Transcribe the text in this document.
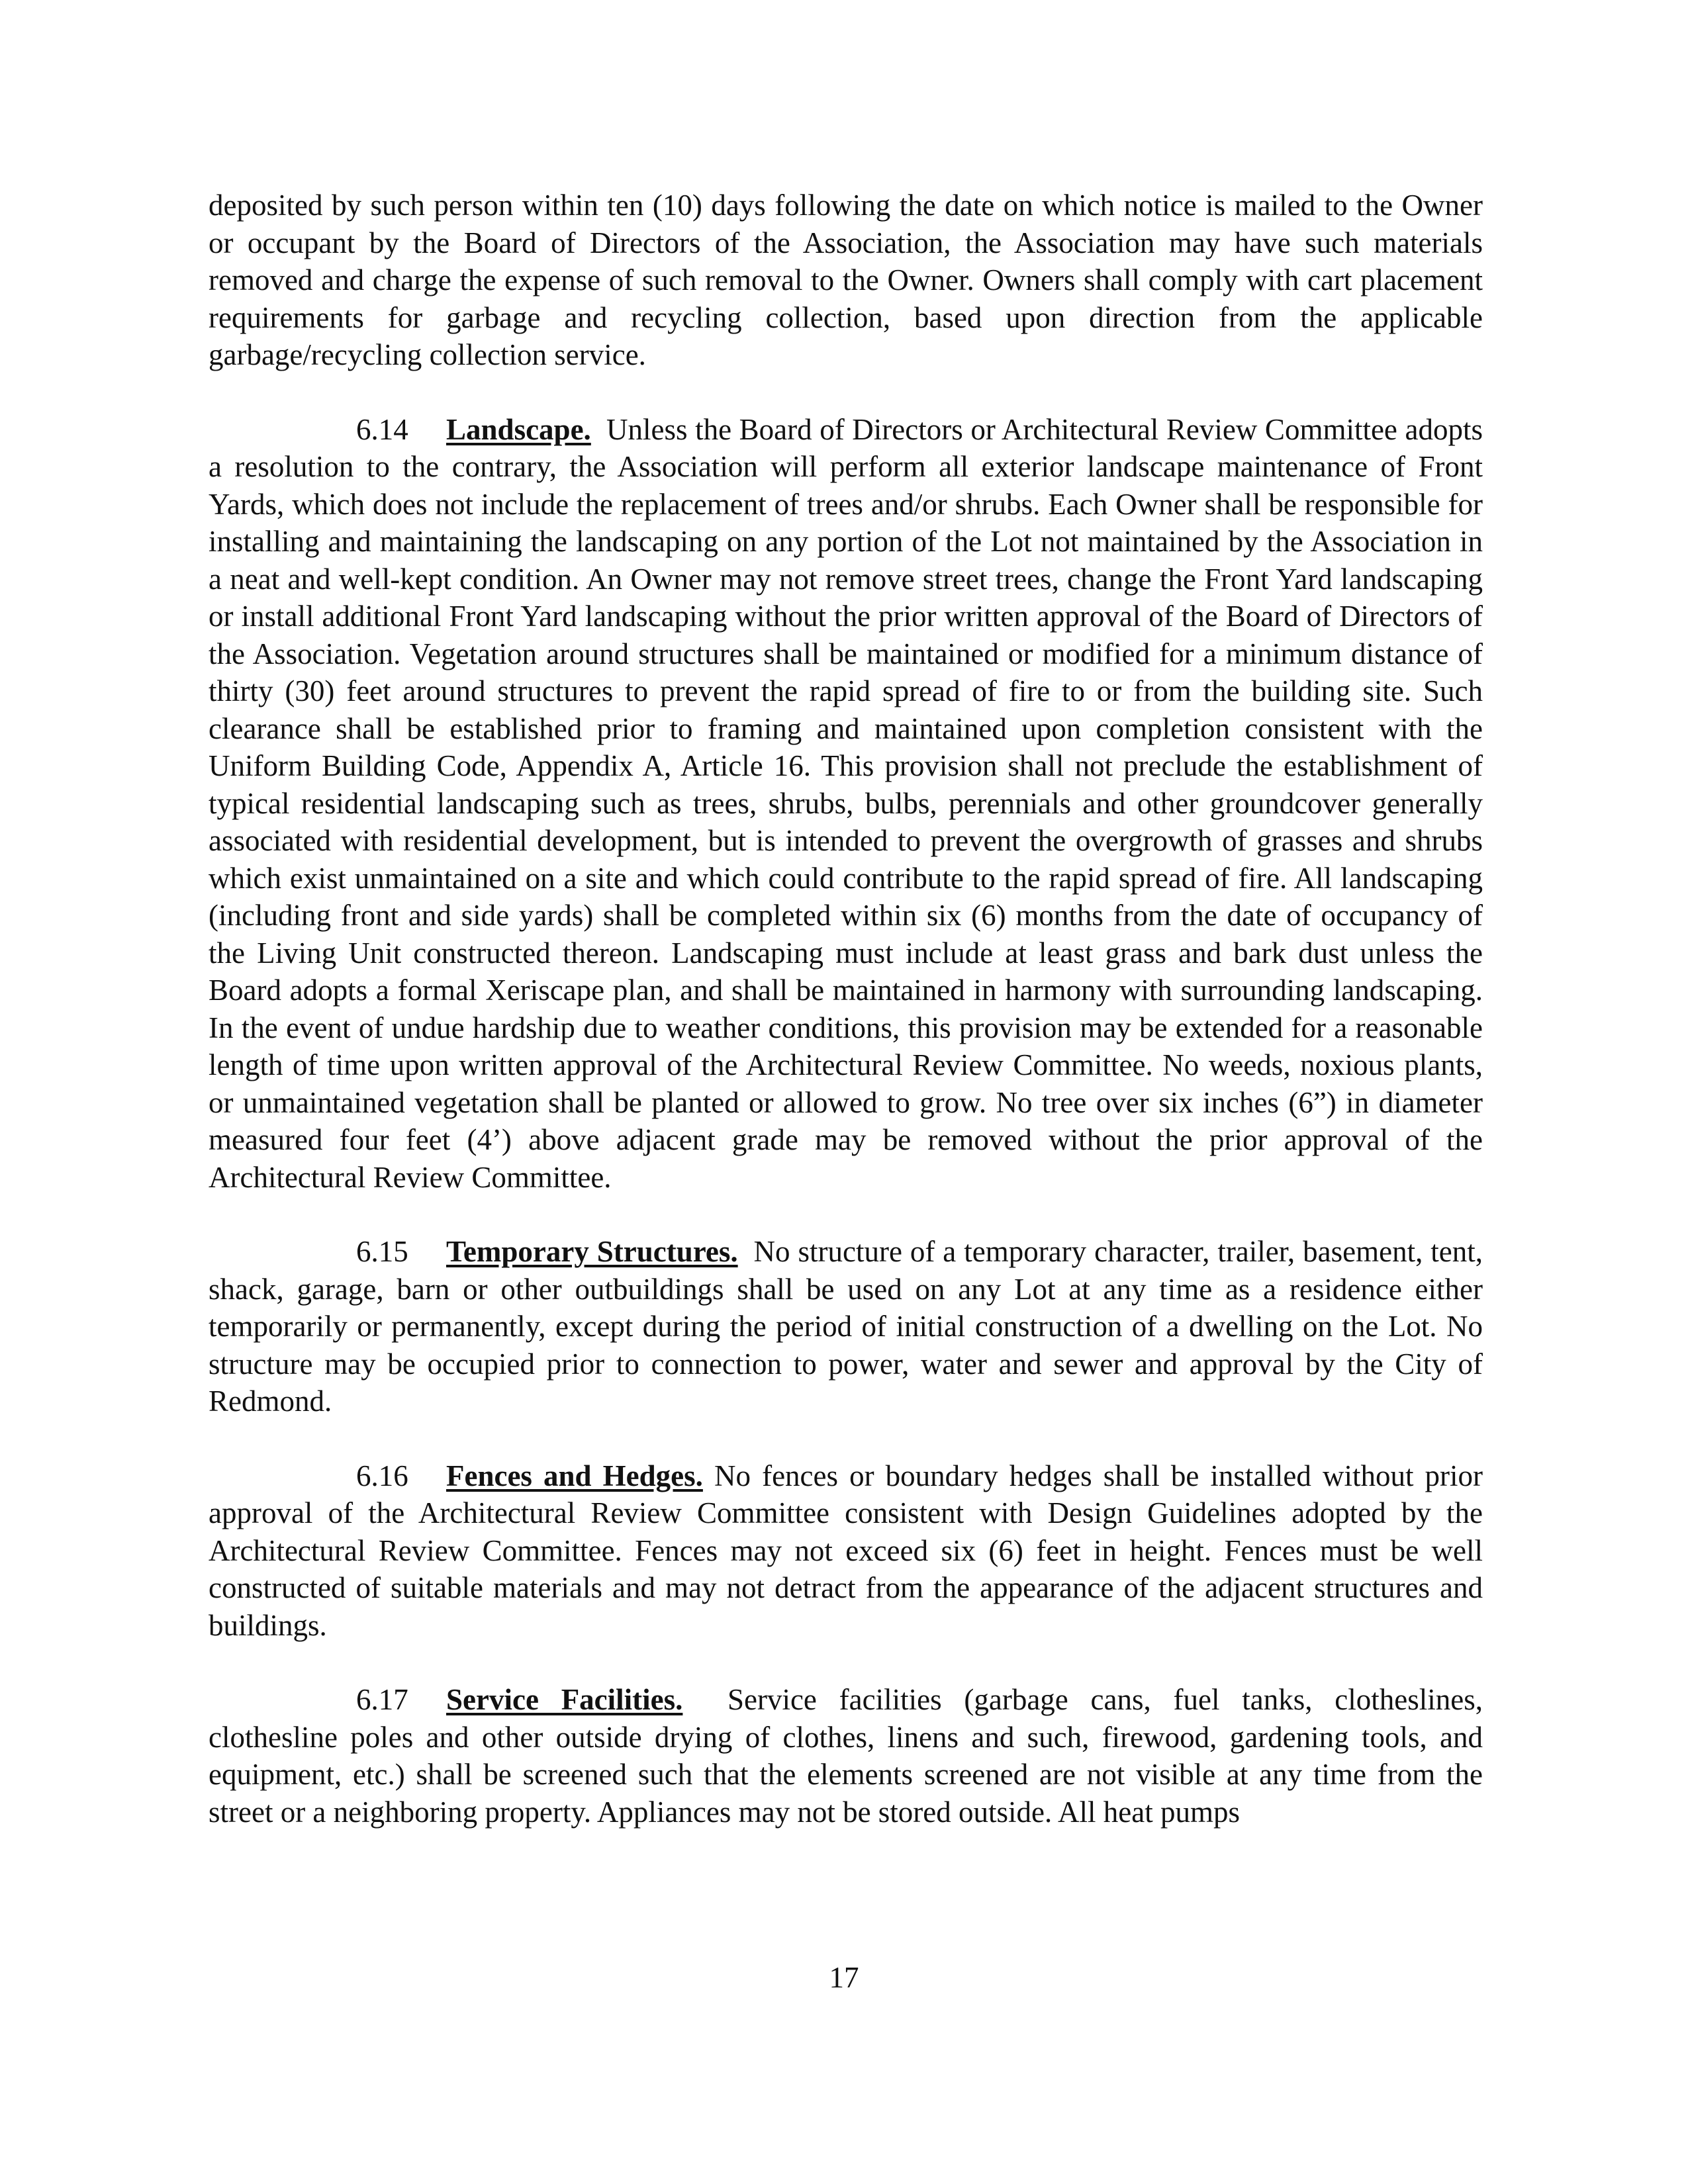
deposited by such person within ten (10) days following the date on which notice is mailed to the Owner or occupant by the Board of Directors of the Association, the Association may have such materials removed and charge the expense of such removal to the Owner. Owners shall comply with cart placement requirements for garbage and recycling collection, based upon direction from the applicable garbage/recycling collection service.

6.14 Landscape. Unless the Board of Directors or Architectural Review Committee adopts a resolution to the contrary, the Association will perform all exterior landscape maintenance of Front Yards, which does not include the replacement of trees and/or shrubs. Each Owner shall be responsible for installing and maintaining the landscaping on any portion of the Lot not maintained by the Association in a neat and well-kept condition. An Owner may not remove street trees, change the Front Yard landscaping or install additional Front Yard landscaping without the prior written approval of the Board of Directors of the Association. Vegetation around structures shall be maintained or modified for a minimum distance of thirty (30) feet around structures to prevent the rapid spread of fire to or from the building site. Such clearance shall be established prior to framing and maintained upon completion consistent with the Uniform Building Code, Appendix A, Article 16. This provision shall not preclude the establishment of typical residential landscaping such as trees, shrubs, bulbs, perennials and other groundcover generally associated with residential development, but is intended to prevent the overgrowth of grasses and shrubs which exist unmaintained on a site and which could contribute to the rapid spread of fire. All landscaping (including front and side yards) shall be completed within six (6) months from the date of occupancy of the Living Unit constructed thereon. Landscaping must include at least grass and bark dust unless the Board adopts a formal Xeriscape plan, and shall be maintained in harmony with surrounding landscaping. In the event of undue hardship due to weather conditions, this provision may be extended for a reasonable length of time upon written approval of the Architectural Review Committee. No weeds, noxious plants, or unmaintained vegetation shall be planted or allowed to grow. No tree over six inches (6”) in diameter measured four feet (4’) above adjacent grade may be removed without the prior approval of the Architectural Review Committee.

6.15 Temporary Structures. No structure of a temporary character, trailer, basement, tent, shack, garage, barn or other outbuildings shall be used on any Lot at any time as a residence either temporarily or permanently, except during the period of initial construction of a dwelling on the Lot. No structure may be occupied prior to connection to power, water and sewer and approval by the City of Redmond.

6.16 Fences and Hedges. No fences or boundary hedges shall be installed without prior approval of the Architectural Review Committee consistent with Design Guidelines adopted by the Architectural Review Committee. Fences may not exceed six (6) feet in height. Fences must be well constructed of suitable materials and may not detract from the appearance of the adjacent structures and buildings.

6.17 Service Facilities. Service facilities (garbage cans, fuel tanks, clotheslines, clothesline poles and other outside drying of clothes, linens and such, firewood, gardening tools, and equipment, etc.) shall be screened such that the elements screened are not visible at any time from the street or a neighboring property. Appliances may not be stored outside. All heat pumps

17
